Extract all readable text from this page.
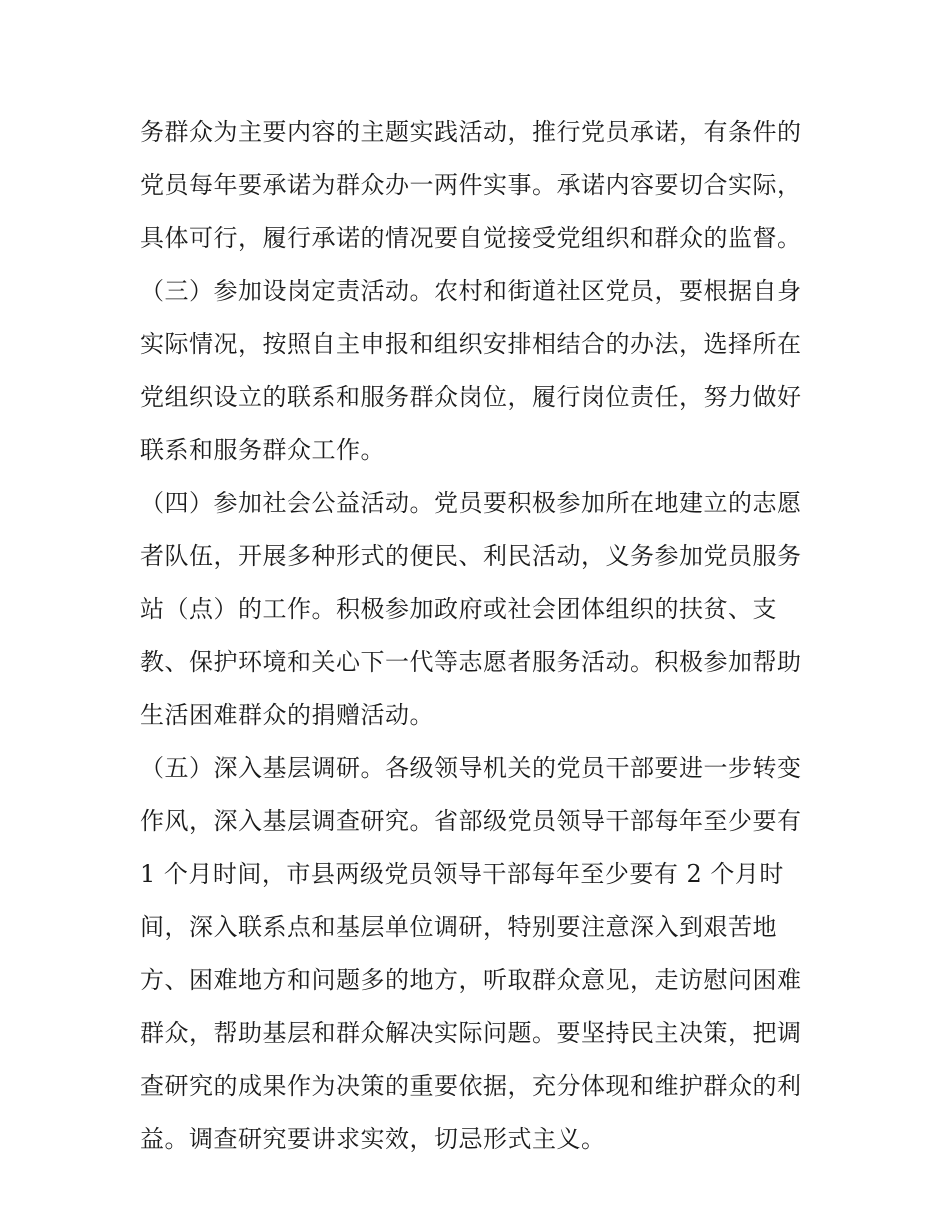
务群众为主要内容的主题实践活动，推行党员承诺，有条件的
党员每年要承诺为群众办一两件实事。承诺内容要切合实际，
具体可行，履行承诺的情况要自觉接受党组织和群众的监督。
（三）参加设岗定责活动。农村和街道社区党员，要根据自身
实际情况，按照自主申报和组织安排相结合的办法，选择所在
党组织设立的联系和服务群众岗位，履行岗位责任，努力做好
联系和服务群众工作。
（四）参加社会公益活动。党员要积极参加所在地建立的志愿
者队伍，开展多种形式的便民、利民活动，义务参加党员服务
站（点）的工作。积极参加政府或社会团体组织的扶贫、支
教、保护环境和关心下一代等志愿者服务活动。积极参加帮助
生活困难群众的捐赠活动。
（五）深入基层调研。各级领导机关的党员干部要进一步转变
作风，深入基层调查研究。省部级党员领导干部每年至少要有
1 个月时间，市县两级党员领导干部每年至少要有 2 个月时
间，深入联系点和基层单位调研，特别要注意深入到艰苦地
方、困难地方和问题多的地方，听取群众意见，走访慰问困难
群众，帮助基层和群众解决实际问题。要坚持民主决策，把调
查研究的成果作为决策的重要依据，充分体现和维护群众的利
益。调查研究要讲求实效，切忌形式主义。
